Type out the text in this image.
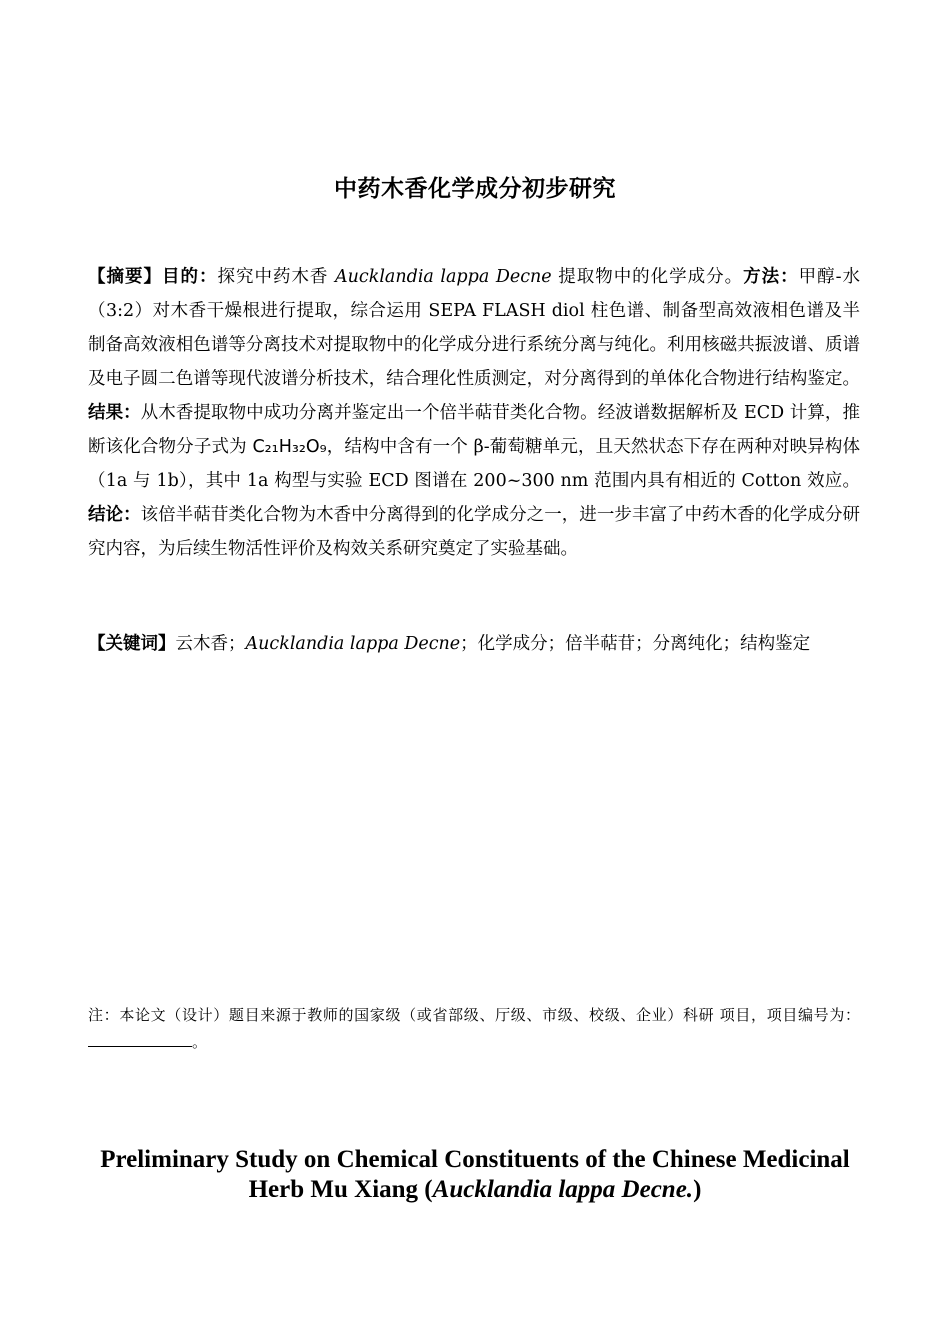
中药木香化学成分初步研究
【摘要】目的：探究中药木香 Aucklandia lappa Decne 提取物中的化学成分。方法：甲醇-水（3:2）对木香干燥根进行提取，综合运用 SEPA FLASH diol 柱色谱、制备型高效液相色谱及半制备高效液相色谱等分离技术对提取物中的化学成分进行系统分离与纯化。利用核磁共振波谱、质谱及电子圆二色谱等现代波谱分析技术，结合理化性质测定，对分离得到的单体化合物进行结构鉴定。结果：从木香提取物中成功分离并鉴定出一个倍半萜苷类化合物。经波谱数据解析及 ECD 计算，推断该化合物分子式为 C₂₁H₃₂O₉，结构中含有一个 β-葡萄糖单元，且天然状态下存在两种对映异构体（1a 与 1b），其中 1a 构型与实验 ECD 图谱在 200~300 nm 范围内具有相近的 Cotton 效应。结论：该倍半萜苷类化合物为木香中分离得到的化学成分之一，进一步丰富了中药木香的化学成分研究内容，为后续生物活性评价及构效关系研究奠定了实验基础。
【关键词】云木香；Aucklandia lappa Decne；化学成分；倍半萜苷；分离纯化；结构鉴定
注：本论文（设计）题目来源于教师的国家级（或省部级、厅级、市级、校级、企业）科研 项目，项目编号为：。
Preliminary Study on Chemical Constituents of the Chinese Medicinal
Herb Mu Xiang (Aucklandia lappa Decne.)
